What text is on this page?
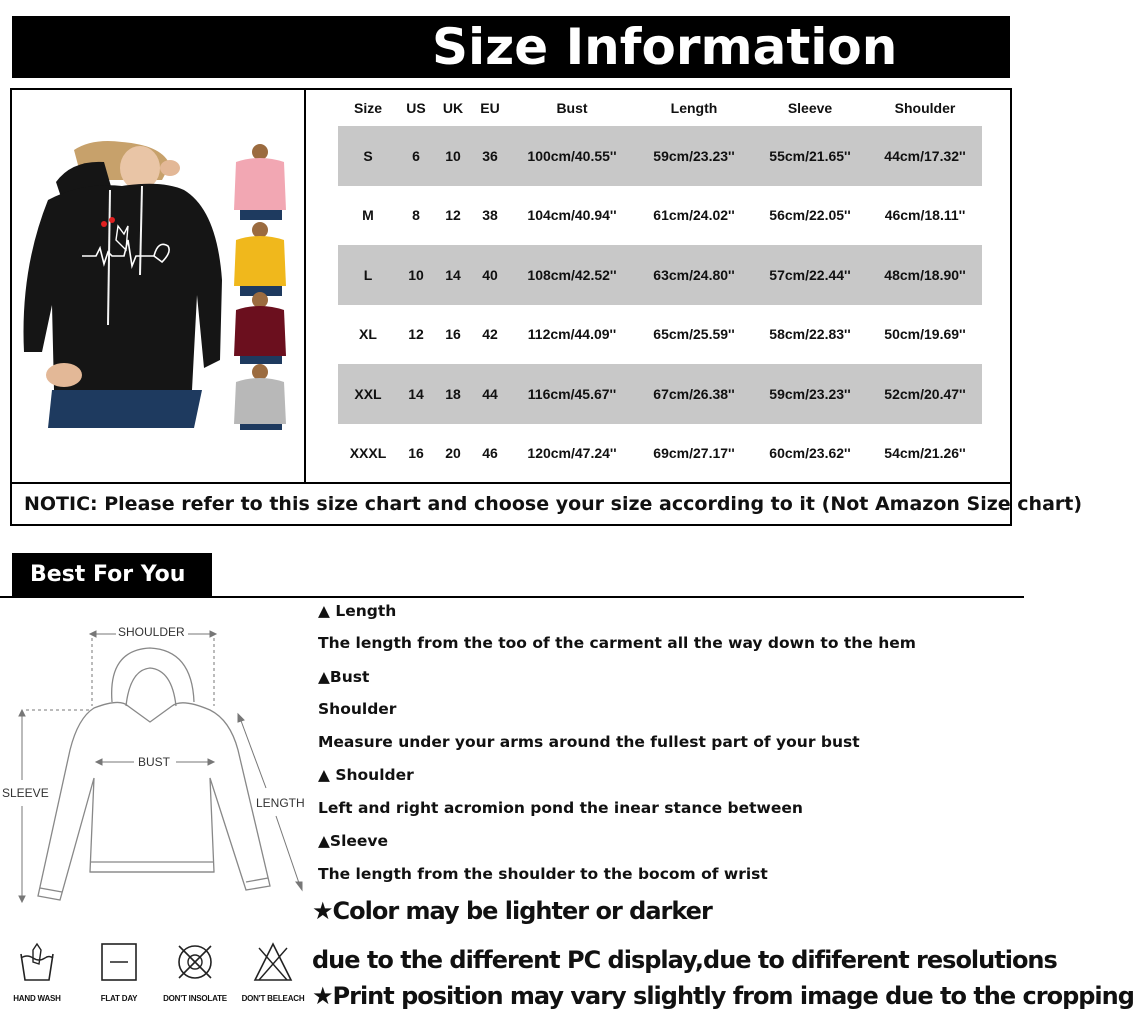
Size Information
Size	US	UK	EU	Bust	Length	Sleeve	Shoulder
S	6	10	36	100cm/40.55''	59cm/23.23''	55cm/21.65''	44cm/17.32''
M	8	12	38	104cm/40.94''	61cm/24.02''	56cm/22.05''	46cm/18.11''
L	10	14	40	108cm/42.52''	63cm/24.80''	57cm/22.44''	48cm/18.90''
XL	12	16	42	112cm/44.09''	65cm/25.59''	58cm/22.83''	50cm/19.69''
XXL	14	18	44	116cm/45.67''	67cm/26.38''	59cm/23.23''	52cm/20.47''
XXXL	16	20	46	120cm/47.24''	69cm/27.17''	60cm/23.62''	54cm/21.26''
NOTIC: Please refer to this size chart and choose your size according to it (Not Amazon Size chart)
Best For You
SHOULDER
BUST
SLEEVE
LENGTH
HAND WASH	FLAT DAY	DON'T INSOLATE DON'T BELEACH
▲ Length
The length from the too of the carment all the way down to the hem
▲Bust
Shoulder
Measure under your arms around the fullest part of your bust
▲ Shoulder
Left and right acromion pond the inear stance between
▲Sleeve
The length from the shoulder to the bocom of wrist
★Color may be lighter or darker
due to the different PC display,due to dififerent resolutions
★Print position may vary slightly from image due to the cropping
